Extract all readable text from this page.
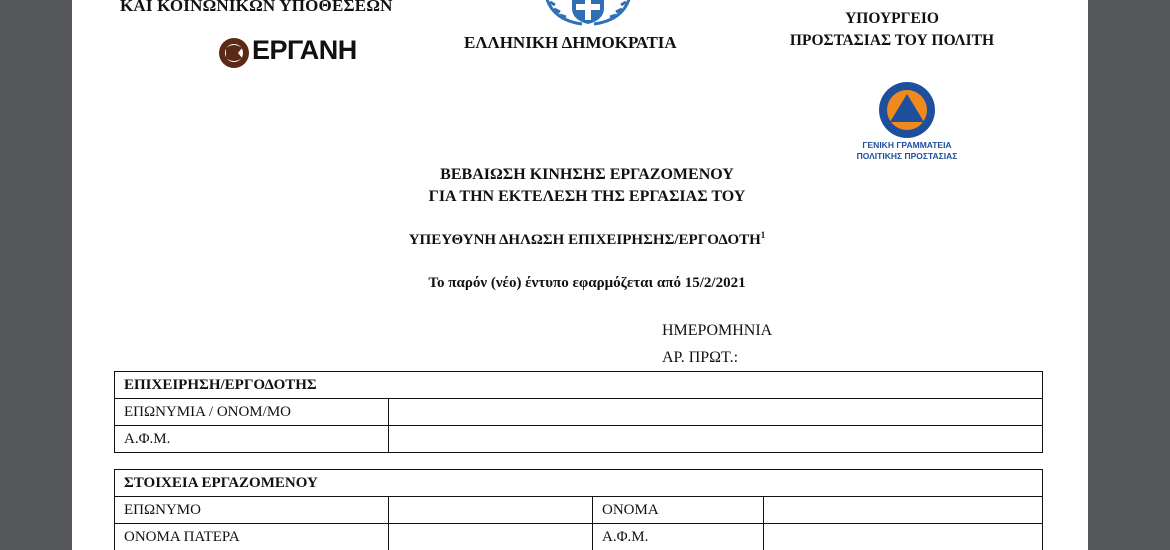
ΚΑΙ ΚΟΙΝΩΝΙΚΩΝ ΥΠΟΘΕΣΕΩΝ
ΕΡΓΑΝΗ	ΕΛΛΗΝΙΚΗ ΔΗΜΟΚΡΑΤΙΑ
ΥΠΟΥΡΓΕΙΟ
ΠΡΟΣΤΑΣΙΑΣ ΤΟΥ ΠΟΛΙΤΗ
ΓΕΝΙΚΗ ΓΡΑΜΜΑΤΕΙΑ
ΠΟΛΙΤΙΚΗΣ ΠΡΟΣΤΑΣΙΑΣ
ΒΕΒΑΙΩΣΗ ΚΙΝΗΣΗΣ ΕΡΓΑΖΟΜΕΝΟΥ
ΓΙΑ ΤΗΝ ΕΚΤΕΛΕΣΗ ΤΗΣ ΕΡΓΑΣΙΑΣ ΤΟΥ
ΥΠΕΥΘΥΝΗ ΔΗΛΩΣΗ ΕΠΙΧΕΙΡΗΣΗΣ/ΕΡΓΟΔΟΤΗ$^1$
Το παρόν (νέο) έντυπο εφαρμόζεται από 15/2/2021
ΗΜΕΡΟΜΗΝΙΑ
ΑΡ. ΠΡΩΤ.:
ΕΠΙΧΕΙΡΗΣΗ/ΕΡΓΟΔΟΤΗΣ	
ΕΠΩΝΥΜΙΑ / ΟΝΟΜ/ΜΟ	
Α.Φ.Μ.	
ΣΤΟΙΧΕΙΑ ΕΡΓΑΖΟΜΕΝΟΥ			
ΕΠΩΝΥΜΟ		ΟΝΟΜΑ	
ΟΝΟΜΑ ΠΑΤΕΡΑ		Α.Φ.Μ.	
